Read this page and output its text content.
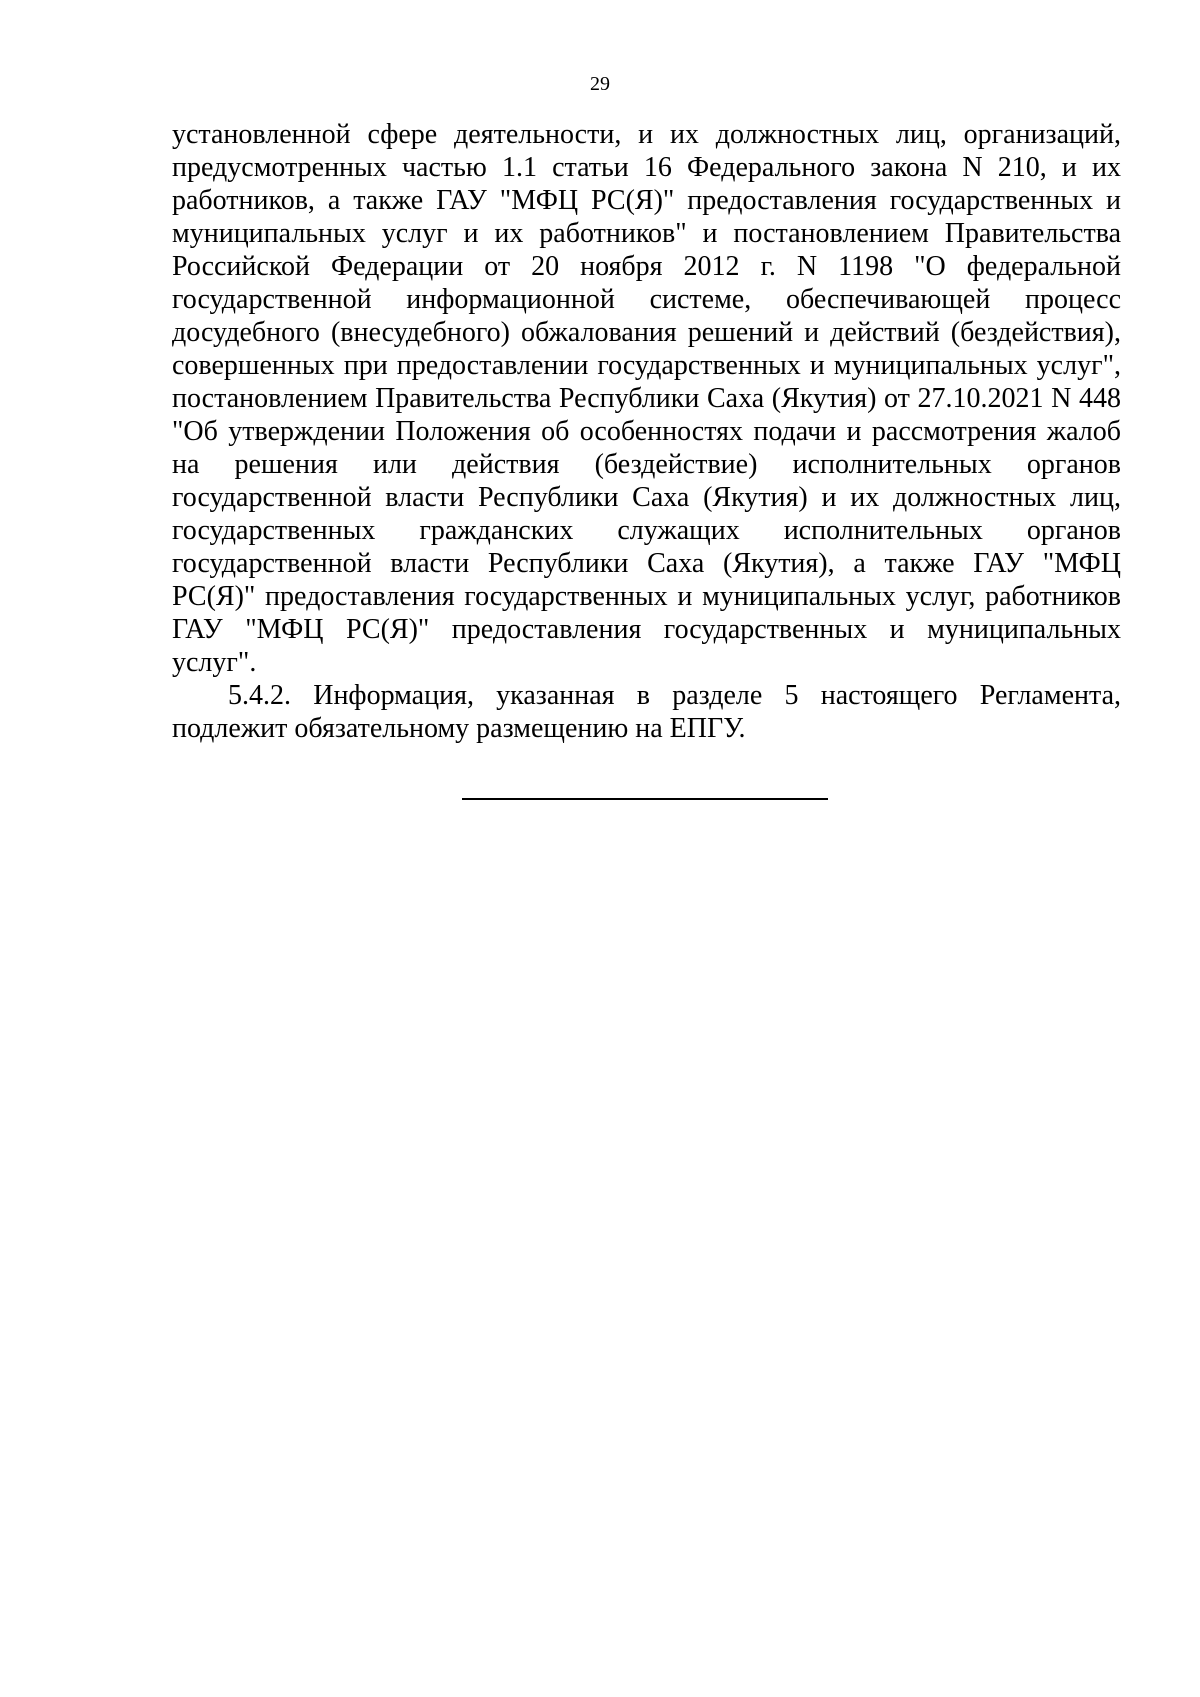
29
установленной сфере деятельности, и их должностных лиц, организаций,
предусмотренных частью 1.1 статьи 16 Федерального закона N 210, и их
работников, а также ГАУ "МФЦ РС(Я)" предоставления государственных и
муниципальных услуг и их работников" и постановлением Правительства
Российской Федерации от 20 ноября 2012 г. N 1198 "О федеральной
государственной информационной системе, обеспечивающей процесс
досудебного (внесудебного) обжалования решений и действий (бездействия),
совершенных при предоставлении государственных и муниципальных услуг",
постановлением Правительства Республики Саха (Якутия) от 27.10.2021 N 448
"Об утверждении Положения об особенностях подачи и рассмотрения жалоб
на решения или действия (бездействие) исполнительных органов
государственной власти Республики Саха (Якутия) и их должностных лиц,
государственных гражданских служащих исполнительных органов
государственной власти Республики Саха (Якутия), а также ГАУ "МФЦ
РС(Я)" предоставления государственных и муниципальных услуг, работников
ГАУ "МФЦ РС(Я)" предоставления государственных и муниципальных
услуг".
5.4.2. Информация, указанная в разделе 5 настоящего Регламента,
подлежит обязательному размещению на ЕПГУ.
